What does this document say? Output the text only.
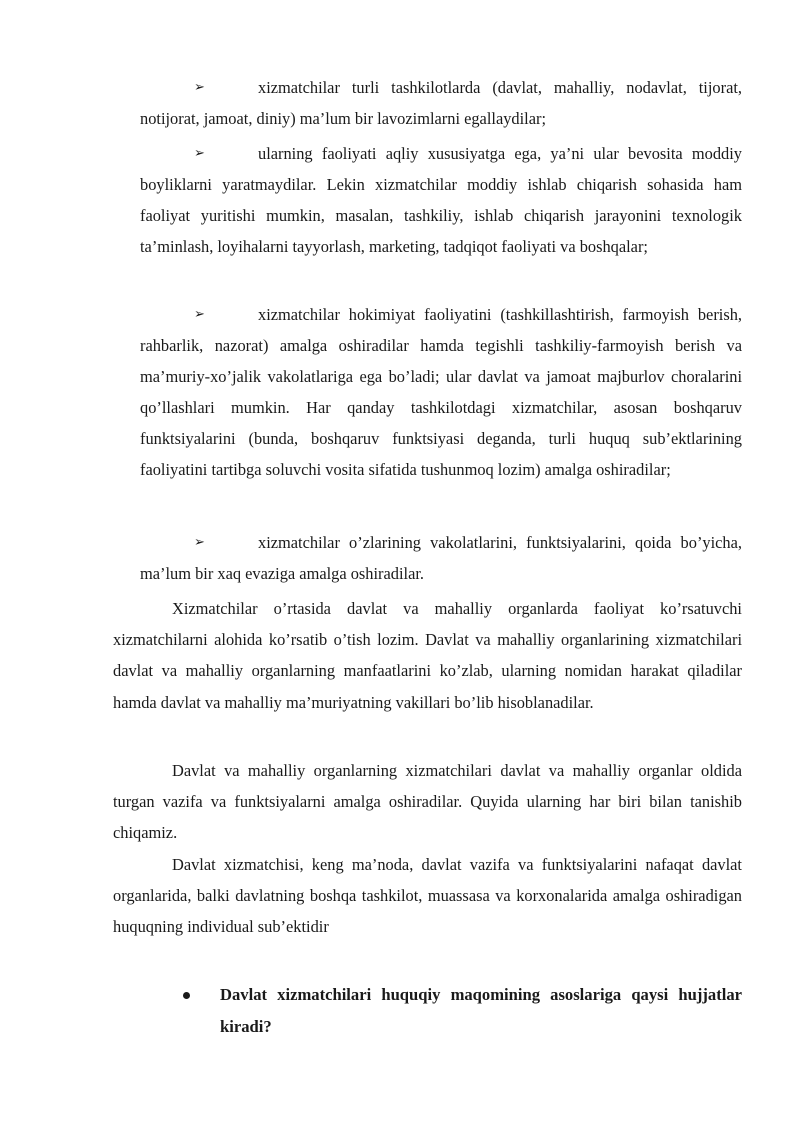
➢	xizmatchilar turli tashkilotlarda (davlat, mahalliy, nodavlat, tijorat, notijorat, jamoat, diniy) ma’lum bir lavozimlarni egallaydilar;
➢	ularning faoliyati aqliy xususiyatga ega, ya’ni ular bevosita moddiy boyliklarni yaratmaydilar. Lekin xizmatchilar moddiy ishlab chiqarish sohasida ham faoliyat yuritishi mumkin, masalan, tashkiliy, ishlab chiqarish jarayonini texnologik ta’minlash, loyihalarni tayyorlash, marketing, tadqiqot faoliyati va boshqalar;
➢	xizmatchilar hokimiyat faoliyatini (tashkillashtirish, farmoyish berish, rahbarlik, nazorat) amalga oshiradilar hamda tegishli tashkiliy-farmoyish berish va ma’muriy-xo’jalik vakolatlariga ega bo’ladi; ular davlat va jamoat majburlov choralarini qo’llashlari mumkin. Har qanday tashkilotdagi xizmatchilar, asosan boshqaruv funktsiyalarini (bunda, boshqaruv funktsiyasi deganda, turli huquq sub’ektlarining faoliyatini tartibga soluvchi vosita sifatida tushunmoq lozim) amalga oshiradilar;
➢	xizmatchilar o’zlarining vakolatlarini, funktsiyalarini, qoida bo’yicha, ma’lum bir xaq evaziga amalga oshiradilar.
Xizmatchilar o’rtasida davlat va mahalliy organlarda faoliyat ko’rsatuvchi xizmatchilarni alohida ko’rsatib o’tish lozim. Davlat va mahalliy organlarining xizmatchilari davlat va mahalliy organlarning manfaatlarini ko’zlab, ularning nomidan harakat qiladilar hamda davlat va mahalliy ma’muriyatning vakillari bo’lib hisoblanadilar.
Davlat va mahalliy organlarning xizmatchilari davlat va mahalliy organlar oldida turgan vazifa va funktsiyalarni amalga oshiradilar. Quyida ularning har biri bilan tanishib chiqamiz.
Davlat xizmatchisi, keng ma’noda, davlat vazifa va funktsiyalarini nafaqat davlat organlarida, balki davlatning boshqa tashkilot, muassasa va korxonalarida amalga oshiradigan huquqning individual sub’ektidir
Davlat xizmatchilari huquqiy maqomining asoslariga qaysi hujjatlar kiradi?
